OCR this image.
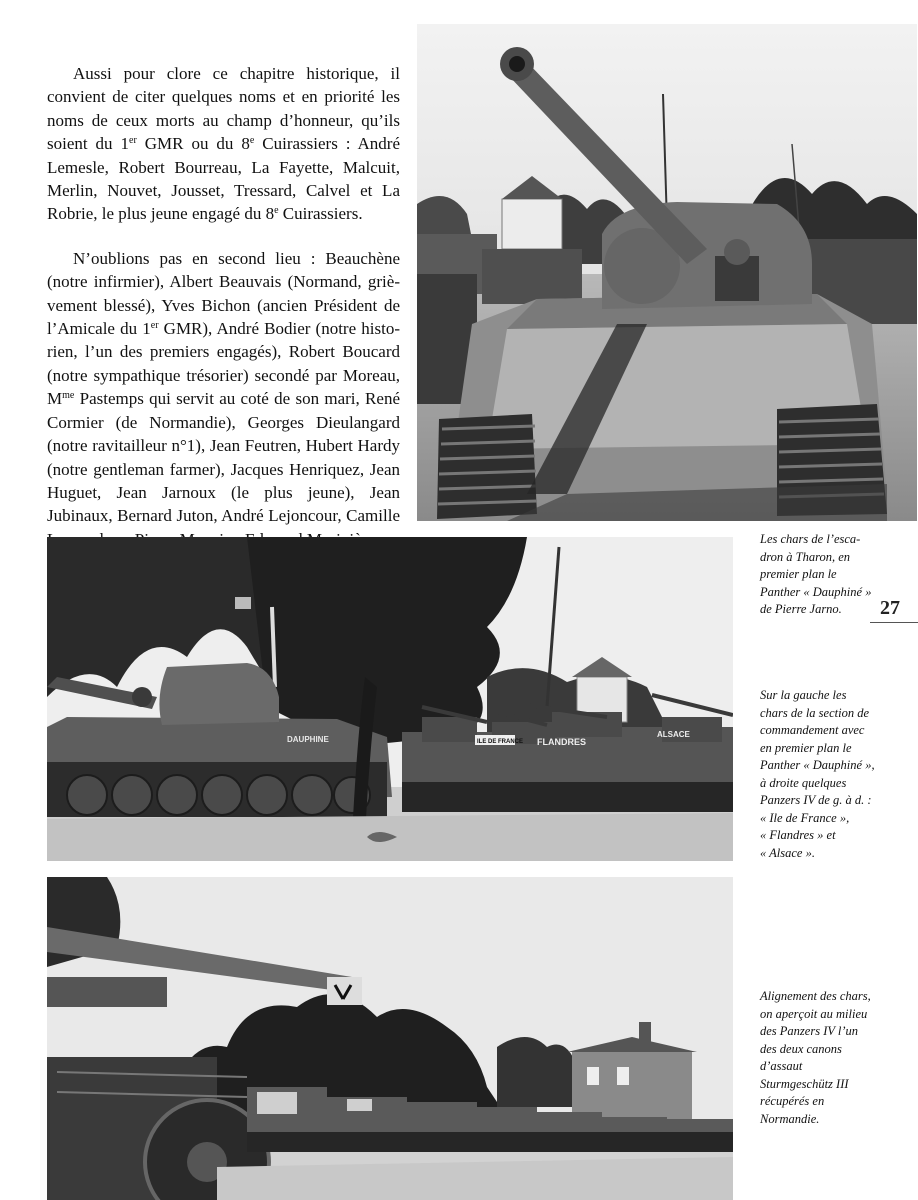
Aussi pour clore ce chapitre historique, il convient de citer quelques noms et en priorité les noms de ceux morts au champ d’honneur, qu’ils soient du 1er GMR ou du 8e Cuirassiers : André Lemesle, Robert Bourreau, La Fayette, Malcuit, Merlin, Nouvet, Jousset, Tressard, Calvel et La Robrie, le plus jeune engagé du 8e Cuirassiers.

N’oublions pas en second lieu : Beauchène (notre infirmier), Albert Beauvais (Normand, grièvement blessé), Yves Bichon (ancien Président de l’Amicale du 1er GMR), André Bodier (notre historien, l’un des premiers engagés), Robert Boucard (notre sympathique trésorier) secondé par Moreau, $M^{me}$ Pastemps qui servit au coté de son mari, René Cormier (de Normandie), Georges Dieulangard (notre ravitailleur n°1), Jean Feutren, Hubert Hardy (notre gentleman farmer), Jacques Henriquez, Jean Huguet, Jean Jarnoux (le plus jeune), Jean Jubinaux, Bernard Juton, André Lejoncour, Camille

DAUPHINE	ILE DE FRANCE FLANDRES
ALSACE
Les chars de l’esca-
dron à Tharon, en
premier plan le
Panther « Dauphiné »
de Pierre Jarno.	27
Sur la gauche les
chars de la section de
commandement avec
en premier plan le
Panther « Dauphiné »,
à droite quelques
Panzers IV de g. à d. :
« Ile de France »,
« Flandres » et
« Alsace ».
Alignement des chars,
on aperçoit au milieu
des Panzers IV l’un
des deux canons
d’assaut
Sturmgeschütz III
récupérés en
Normandie.
